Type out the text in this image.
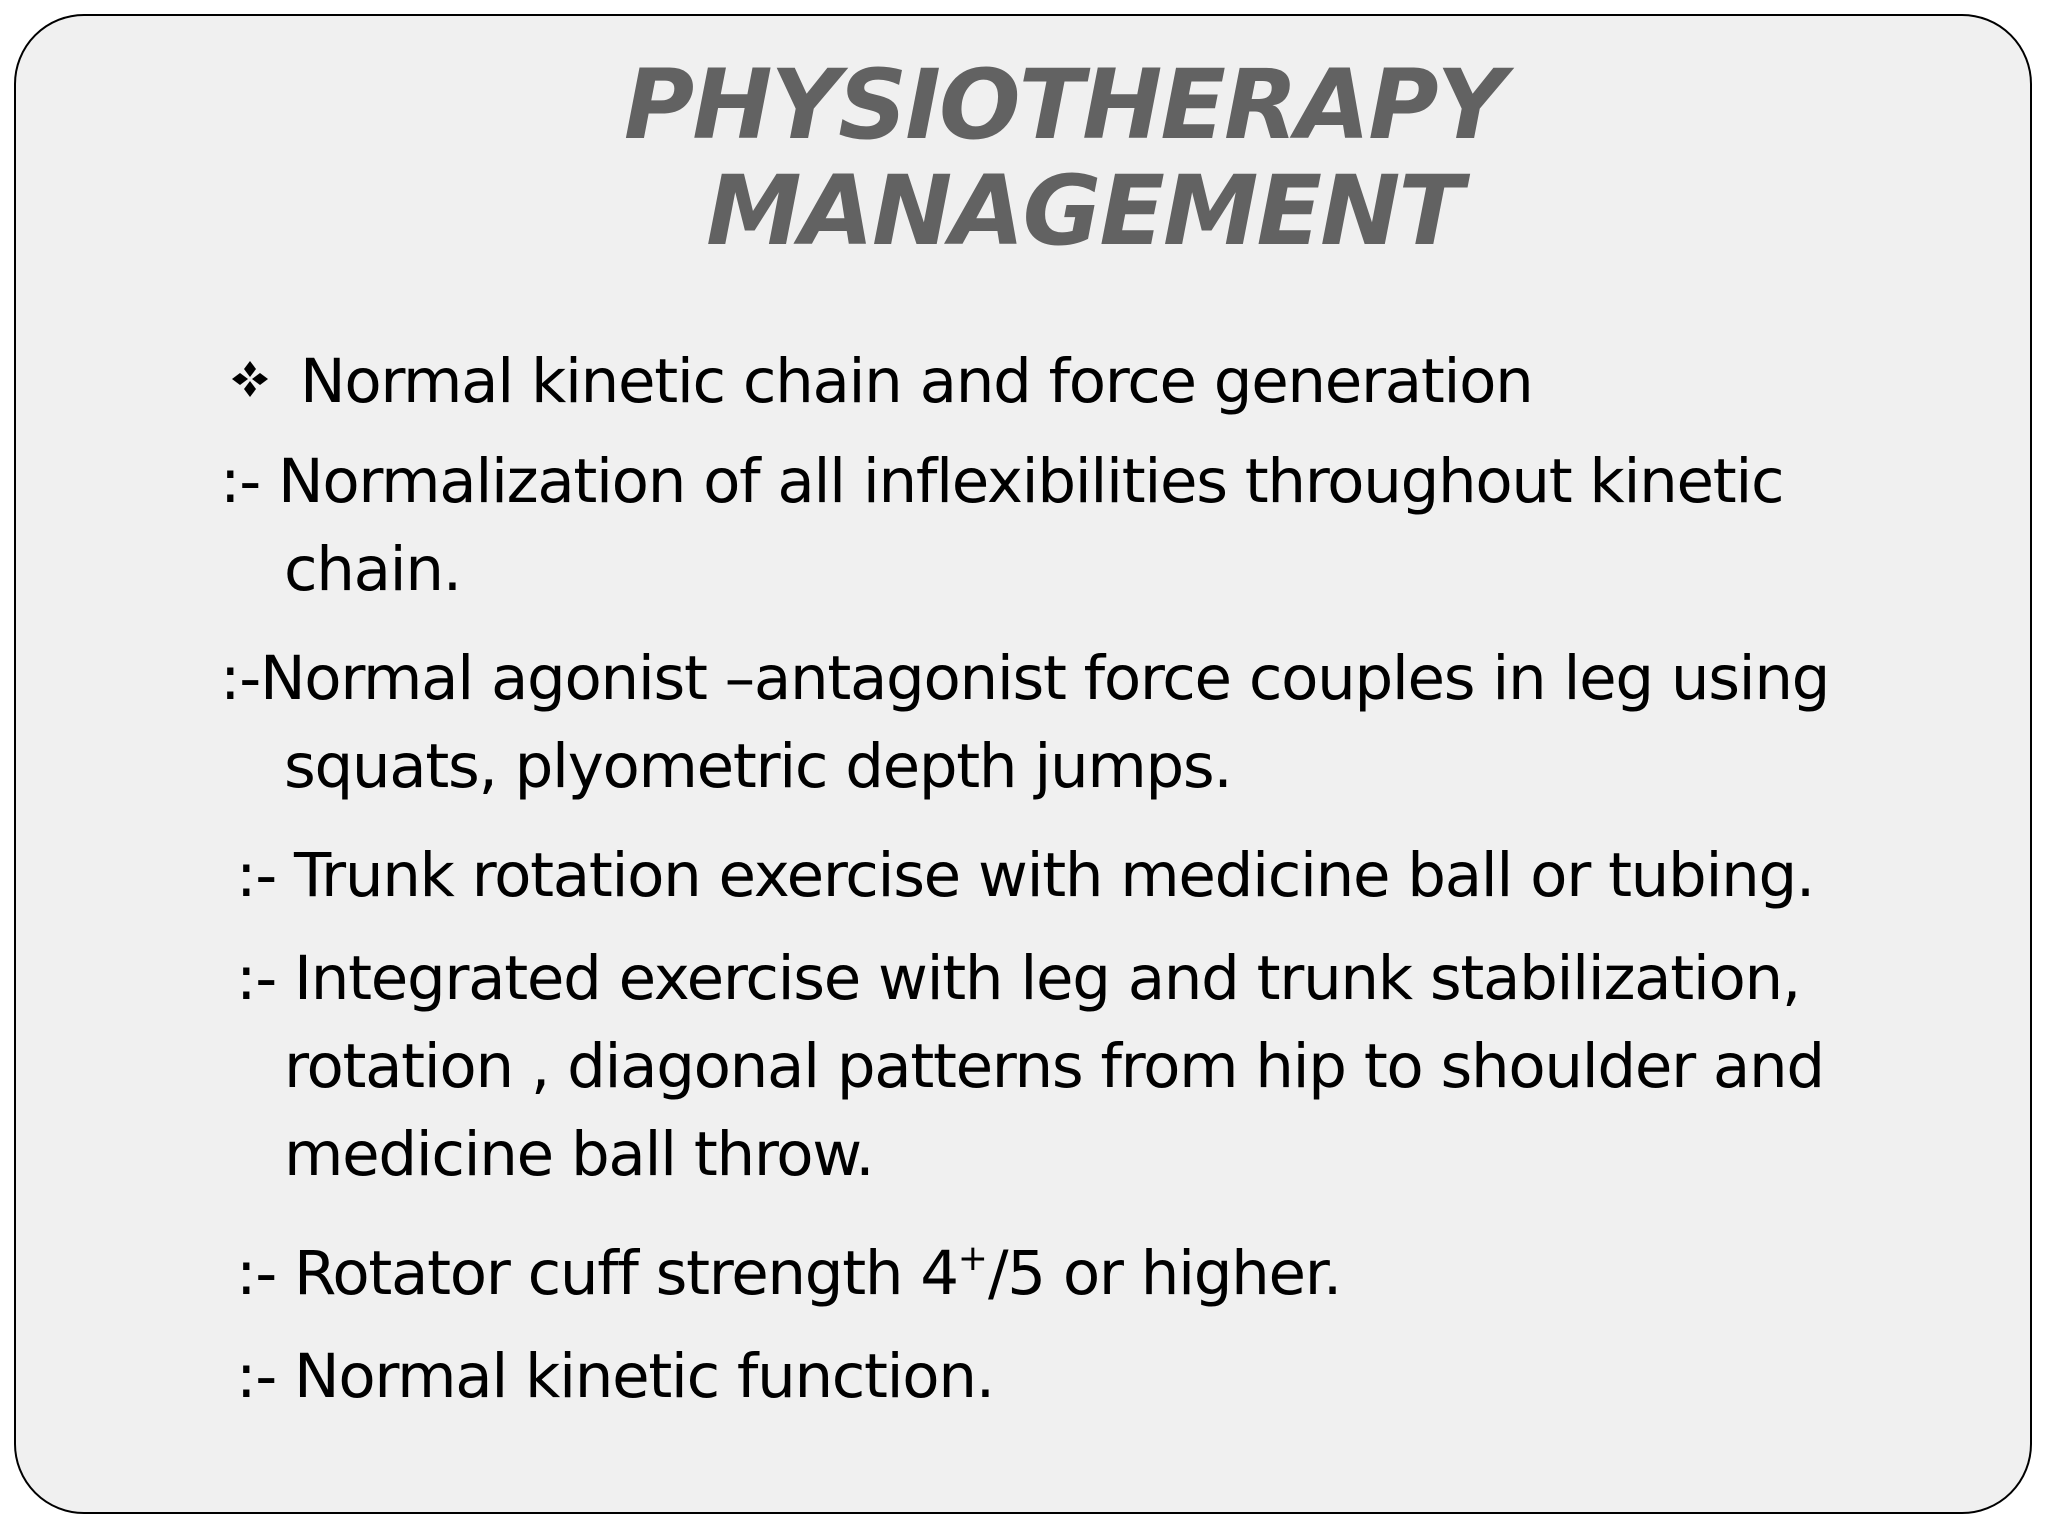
PHYSIOTHERAPY
MANAGEMENT
Normal kinetic chain and force generation
:- Normalization of all inflexibilities throughout kinetic
chain.
:-Normal agonist –antagonist force couples in leg using
squats, plyometric depth jumps.
:- Trunk rotation exercise with medicine ball or tubing.
:- Integrated exercise with leg and trunk stabilization,
rotation , diagonal patterns from hip to shoulder and
medicine ball throw.
:- Rotator cuff strength 4+/5 or higher.
:- Normal kinetic function.
